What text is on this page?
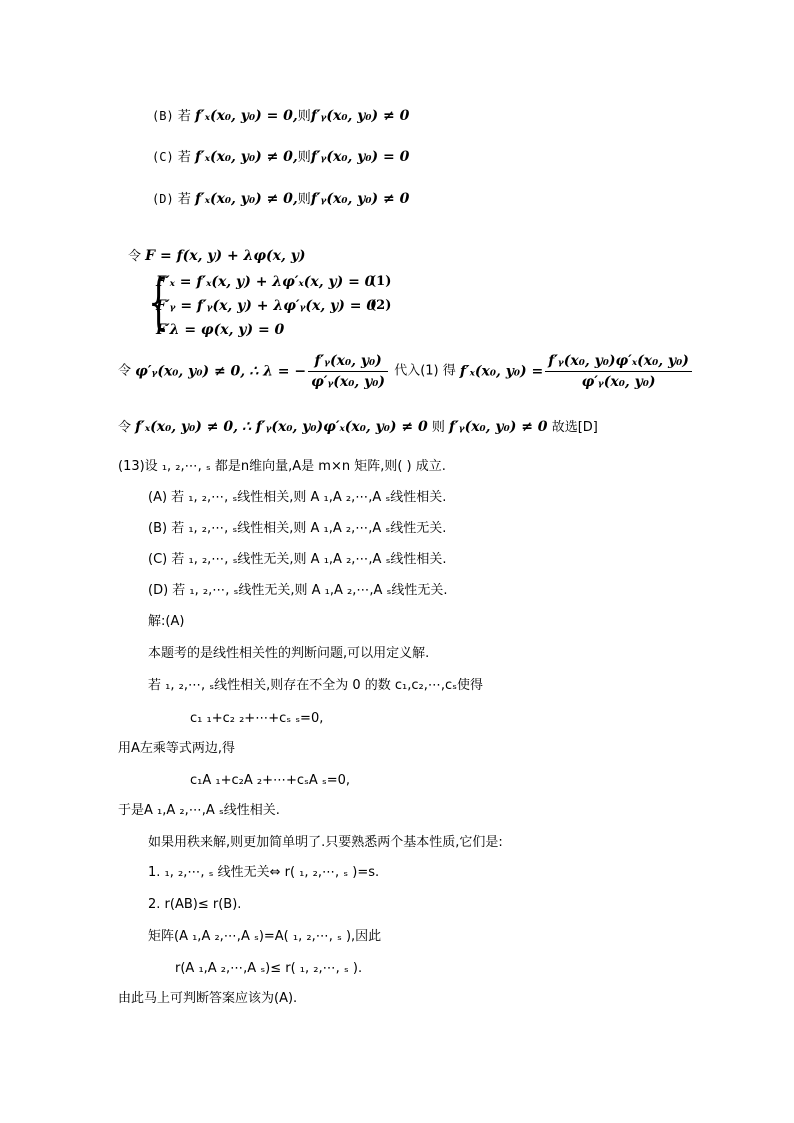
(B) 若 f′ₓ(x₀, y₀) = 0,则f′ᵧ(x₀, y₀) ≠ 0
(C) 若 f′ₓ(x₀, y₀) ≠ 0,则f′ᵧ(x₀, y₀) = 0
(D) 若 f′ₓ(x₀, y₀) ≠ 0,则f′ᵧ(x₀, y₀) ≠ 0
令 F = f(x, y) + λφ(x, y)
{
F′ₓ = f′ₓ(x, y) + λφ′ₓ(x, y) = 0
(1)
F′ᵧ = f′ᵧ(x, y) + λφ′ᵧ(x, y) = 0
(2)
F′λ = φ(x, y) = 0
令 φ′ᵧ(x₀, y₀) ≠ 0, ∴ λ = − $\frac{\text{f′ᵧ(x₀, y₀)}}{\text{φ′ᵧ(x₀, y₀)}}$ 代入(1) 得 f′ₓ(x₀, $y_0) = \frac{\text{f′ᵧ(x₀, y₀)φ′ₓ(x₀, y₀)}}{\text{φ′ᵧ(x₀, y₀)}}$
令 f′ₓ(x₀, y₀) ≠ 0, ∴ f′ᵧ(x₀, y₀)φ′ₓ(x₀, y₀) ≠ 0 则 f′ᵧ(x₀, y₀) ≠ 0 故选[D]
(13)设 ₁, ₂,⋯, ₛ 都是n维向量,A是 m×n 矩阵,则( ) 成立.
(A) 若 ₁, ₂,⋯, ₛ线性相关,则 A ₁,A ₂,⋯,A ₛ线性相关.
(B) 若 ₁, ₂,⋯, ₛ线性相关,则 A ₁,A ₂,⋯,A ₛ线性无关.
(C) 若 ₁, ₂,⋯, ₛ线性无关,则 A ₁,A ₂,⋯,A ₛ线性相关.
(D) 若 ₁, ₂,⋯, ₛ线性无关,则 A ₁,A ₂,⋯,A ₛ线性无关.
解:(A)
本题考的是线性相关性的判断问题,可以用定义解.
若 ₁, ₂,⋯, ₛ线性相关,则存在不全为 0 的数 c₁,c₂,⋯,cₛ使得
c₁ ₁+c₂ ₂+⋯+cₛ ₛ=0,
用A左乘等式两边,得
c₁A ₁+c₂A ₂+⋯+cₛA ₛ=0,
于是A ₁,A ₂,⋯,A ₛ线性相关.
如果用秩来解,则更加简单明了.只要熟悉两个基本性质,它们是:
1. ₁, ₂,⋯, ₛ 线性无关⇔ r( ₁, ₂,⋯, ₛ )=s.
2. r(AB)≤ r(B).
矩阵(A ₁,A ₂,⋯,A ₛ)=A( ₁, ₂,⋯, ₛ ),因此
r(A ₁,A ₂,⋯,A ₛ)≤ r( ₁, ₂,⋯, ₛ ).
由此马上可判断答案应该为(A).
